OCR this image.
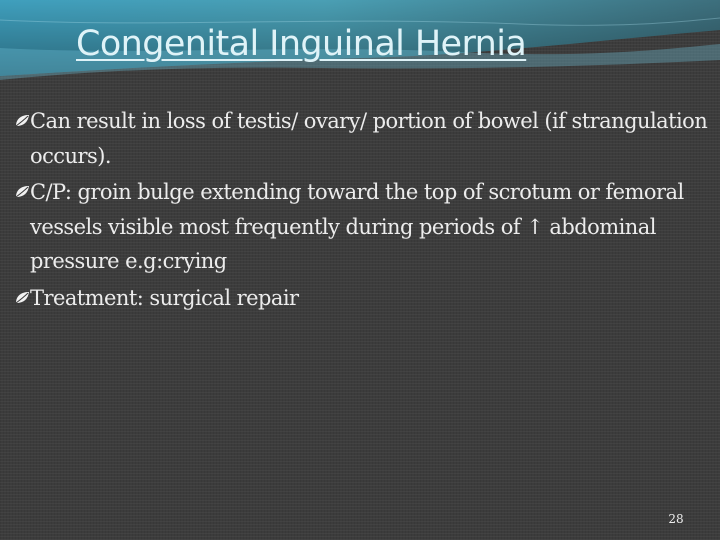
Congenital Inguinal Hernia
Can result in loss of testis/ ovary/ portion of bowel (if strangulation occurs).
C/P: groin bulge extending toward the top of scrotum or femoral vessels visible most frequently during periods of ↑ abdominal pressure e.g:crying
Treatment: surgical repair
28
